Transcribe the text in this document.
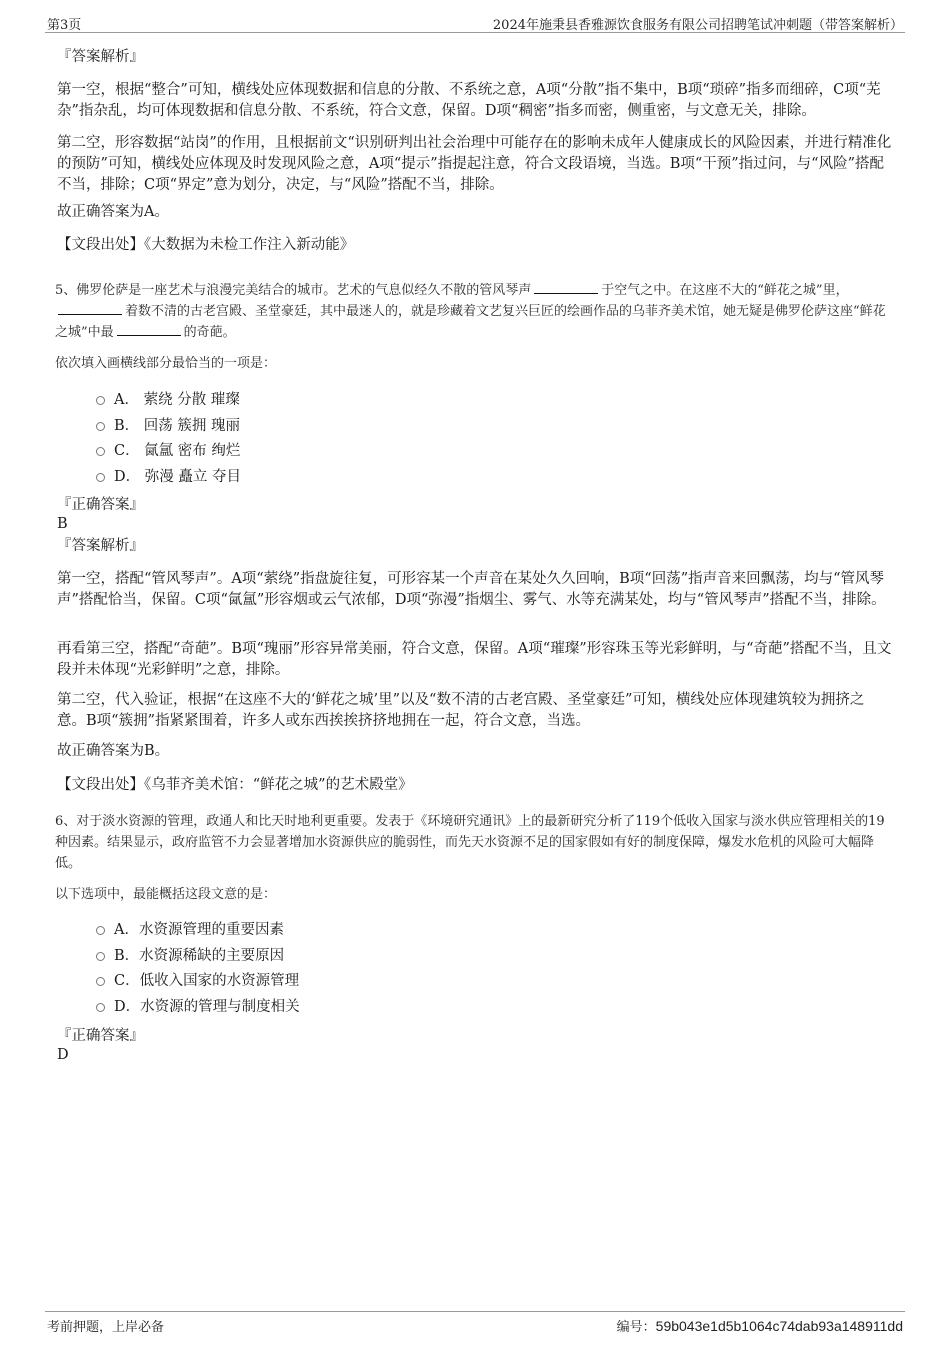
第3页	2024年施秉县香雅源饮食服务有限公司招聘笔试冲刺题（带答案解析）
『答案解析』
第一空，根据“整合”可知，横线处应体现数据和信息的分散、不系统之意，A项“分散”指不集中，B项“琐碎”指多而细碎，C项“芜杂”指杂乱，均可体现数据和信息分散、不系统，符合文意，保留。D项“稠密”指多而密，侧重密，与文意无关，排除。
第二空，形容数据“站岗”的作用，且根据前文“识别研判出社会治理中可能存在的影响未成年人健康成长的风险因素，并进行精准化的预防”可知，横线处应体现及时发现风险之意，A项“提示”指提起注意，符合文段语境，当选。B项“干预”指过问，与“风险”搭配不当，排除；C项“界定”意为划分，决定，与“风险”搭配不当，排除。
故正确答案为A。
【文段出处】《大数据为未检工作注入新动能》
5、佛罗伦萨是一座艺术与浪漫完美结合的城市。艺术的气息似经久不散的管风琴声	于空气之中。在这座不大的“鲜花之城”里，着数不清的古老宫殿、圣堂豪廷，其中最迷人的，就是珍藏着文艺复兴巨匠的绘画作品的乌菲齐美术馆，她无疑是佛罗伦萨这座“鲜花之城”中最	的奇葩。
依次填入画横线部分最恰当的一项是：
A． 萦绕 分散 璀璨
B． 回荡 簇拥 瑰丽
C． 氤氲 密布 绚烂
D． 弥漫 矗立 夺目
『正确答案』
B
『答案解析』
第一空，搭配“管风琴声”。A项“萦绕”指盘旋往复，可形容某一个声音在某处久久回响，B项“回荡”指声音来回飘荡，均与“管风琴声”搭配恰当，保留。C项“氤氲”形容烟或云气浓郁，D项“弥漫”指烟尘、雾气、水等充满某处，均与“管风琴声”搭配不当，排除。
再看第三空，搭配“奇葩”。B项“瑰丽”形容异常美丽，符合文意，保留。A项“璀璨”形容珠玉等光彩鲜明，与“奇葩”搭配不当，且文段并未体现“光彩鲜明”之意，排除。
第二空，代入验证，根据“在这座不大的‘鲜花之城’里”以及“数不清的古老宫殿、圣堂豪廷”可知，横线处应体现建筑较为拥挤之意。B项“簇拥”指紧紧围着，许多人或东西挨挨挤挤地拥在一起，符合文意，当选。
故正确答案为B。
【文段出处】《乌菲齐美术馆：“鲜花之城”的艺术殿堂》
6、对于淡水资源的管理，政通人和比天时地利更重要。发表于《环境研究通讯》上的最新研究分析了119个低收入国家与淡水供应管理相关的19种因素。结果显示，政府监管不力会显著增加水资源供应的脆弱性，而先天水资源不足的国家假如有好的制度保障，爆发水危机的风险可大幅降低。
以下选项中，最能概括这段文意的是：
A．水资源管理的重要因素
B．水资源稀缺的主要原因
C．低收入国家的水资源管理
D．水资源的管理与制度相关
『正确答案』
D
考前押题，上岸必备	编号：59b043e1d5b1064c74dab93a148911dd
